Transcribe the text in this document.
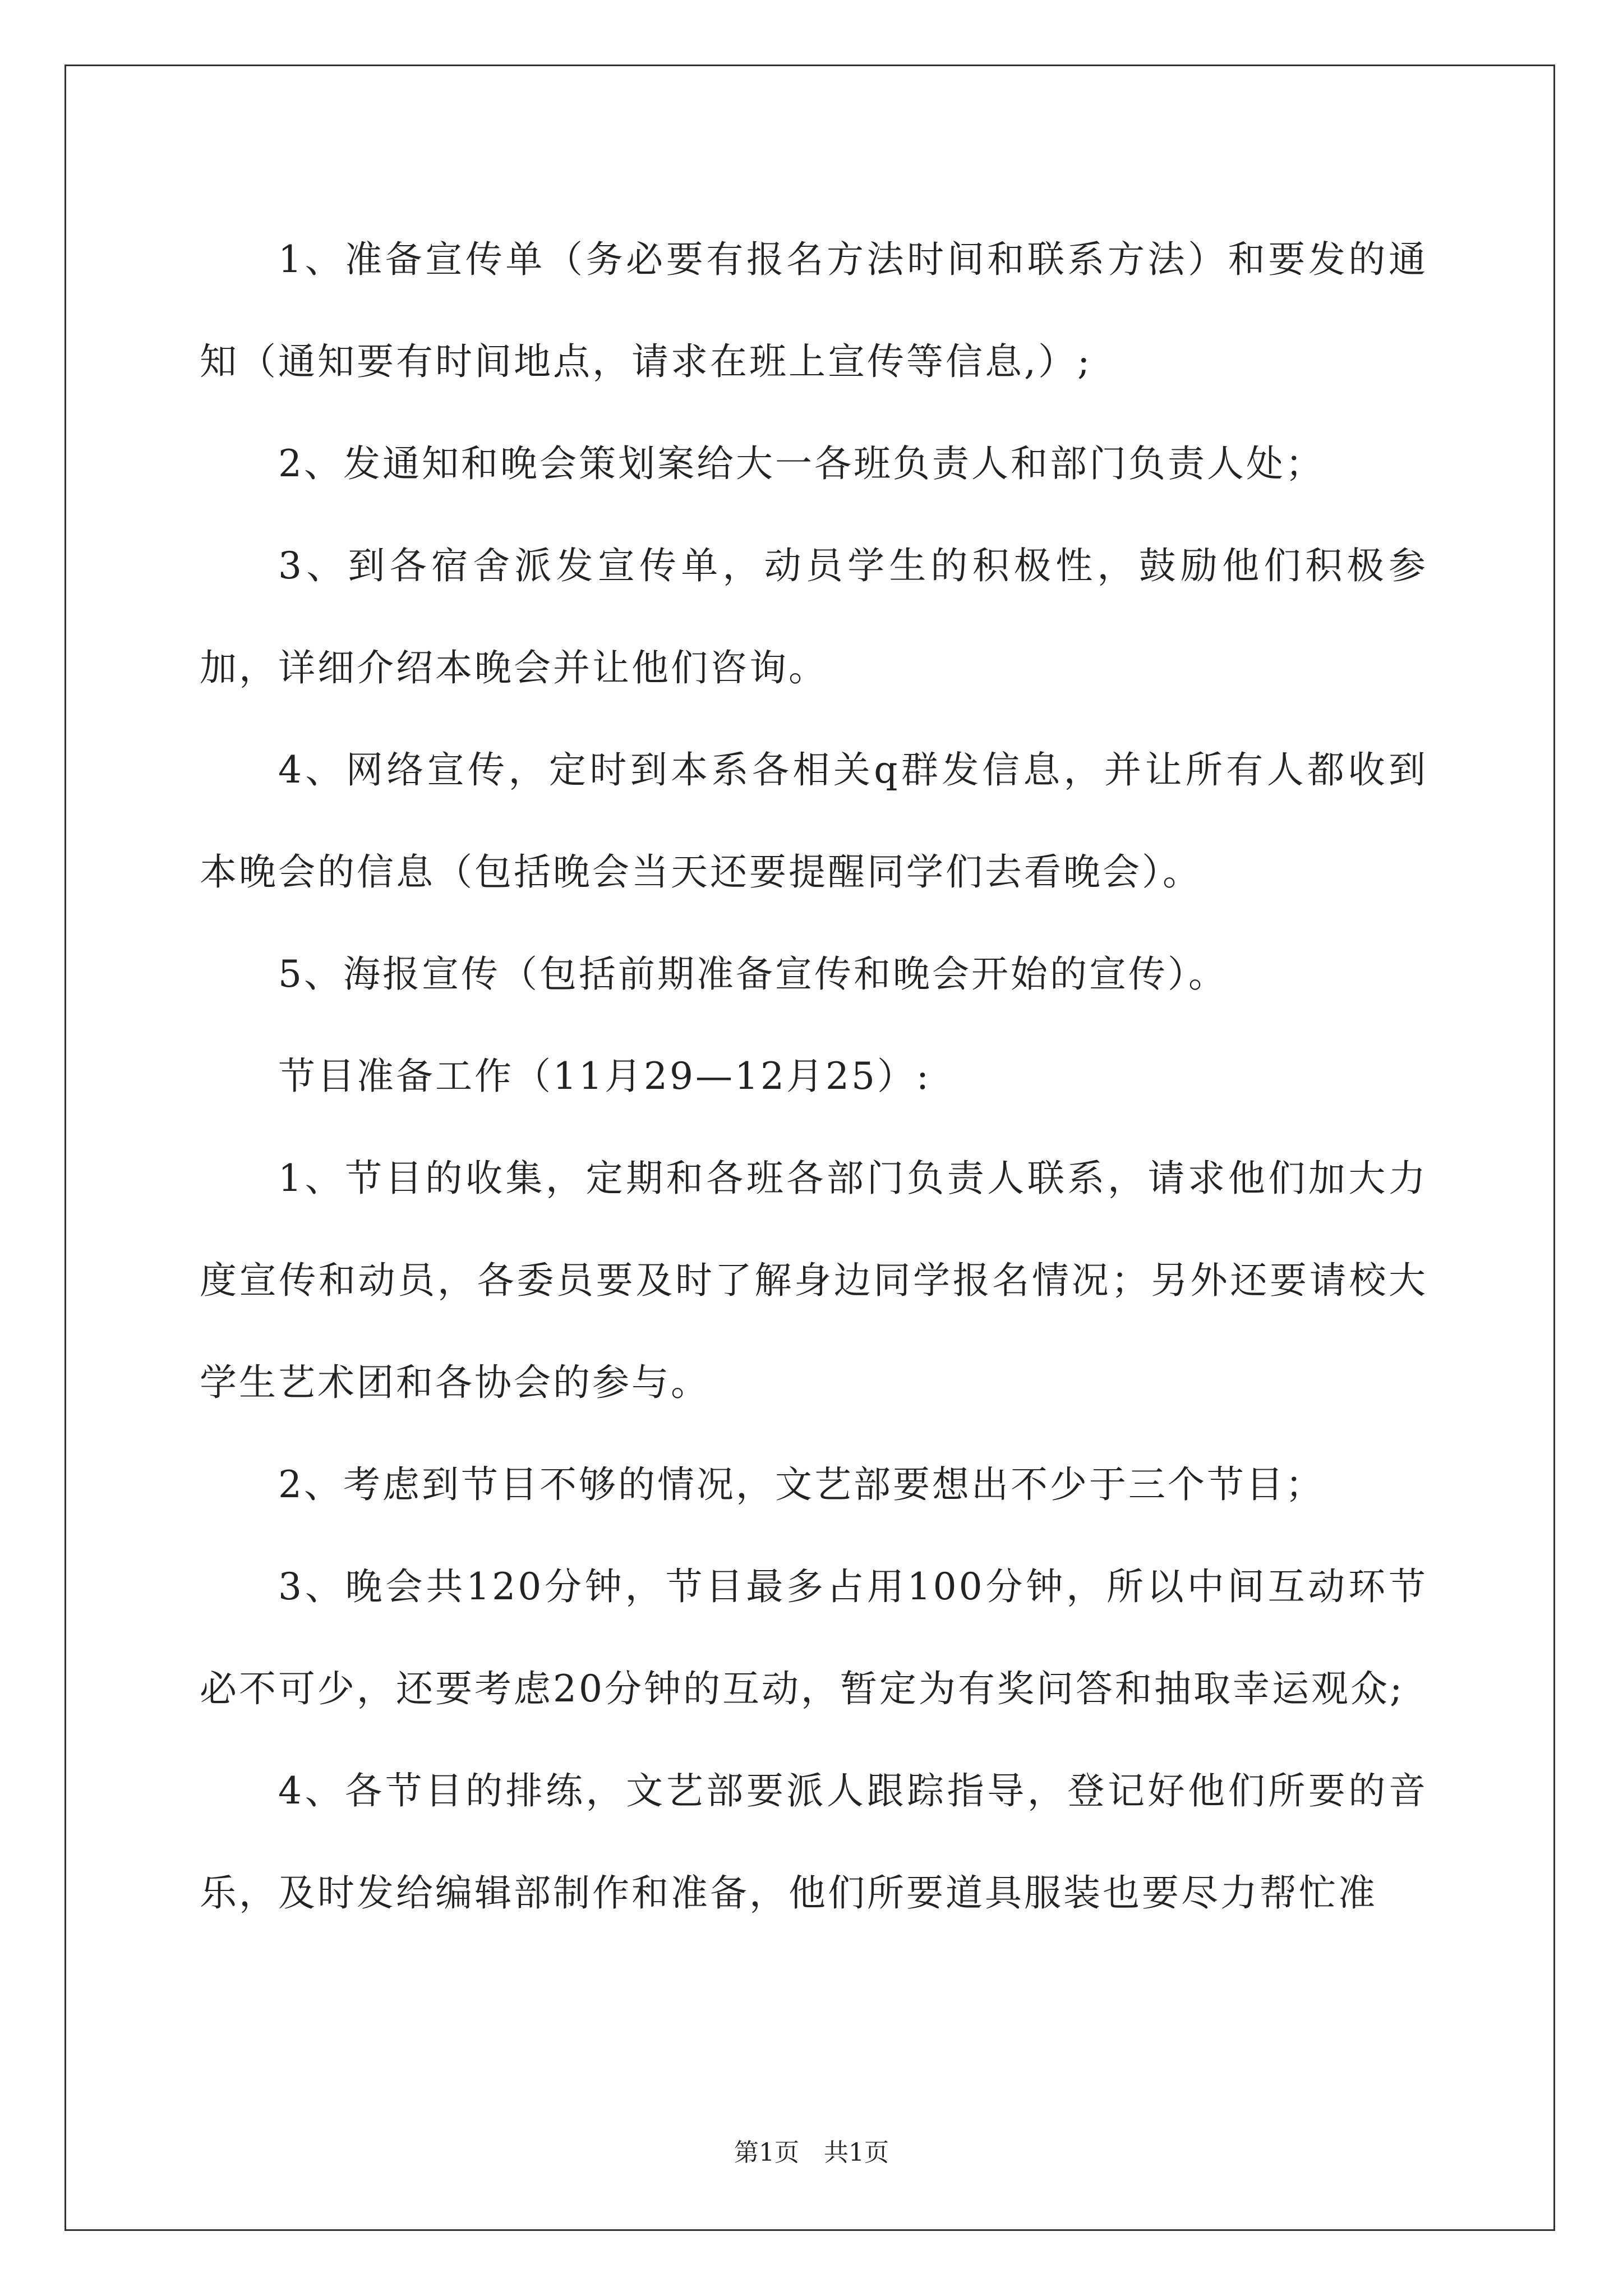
1、准备宣传单（务必要有报名方法时间和联系方法）和要发的通知（通知要有时间地点，请求在班上宣传等信息,）;

2、发通知和晚会策划案给大一各班负责人和部门负责人处；

3、到各宿舍派发宣传单，动员学生的积极性，鼓励他们积极参加，详细介绍本晚会并让他们咨询。

4、网络宣传，定时到本系各相关q群发信息，并让所有人都收到本晚会的信息（包括晚会当天还要提醒同学们去看晚会）。

5、海报宣传（包括前期准备宣传和晚会开始的宣传）。

节目准备工作（11月29—12月25）:

1、节目的收集，定期和各班各部门负责人联系，请求他们加大力度宣传和动员，各委员要及时了解身边同学报名情况；另外还要请校大学生艺术团和各协会的参与。

2、考虑到节目不够的情况，文艺部要想出不少于三个节目；

3、晚会共120分钟，节目最多占用100分钟，所以中间互动环节必不可少，还要考虑20分钟的互动，暂定为有奖问答和抽取幸运观众;

4、各节目的排练，文艺部要派人跟踪指导，登记好他们所要的音乐，及时发给编辑部制作和准备，他们所要道具服装也要尽力帮忙准

第1页　共1页
